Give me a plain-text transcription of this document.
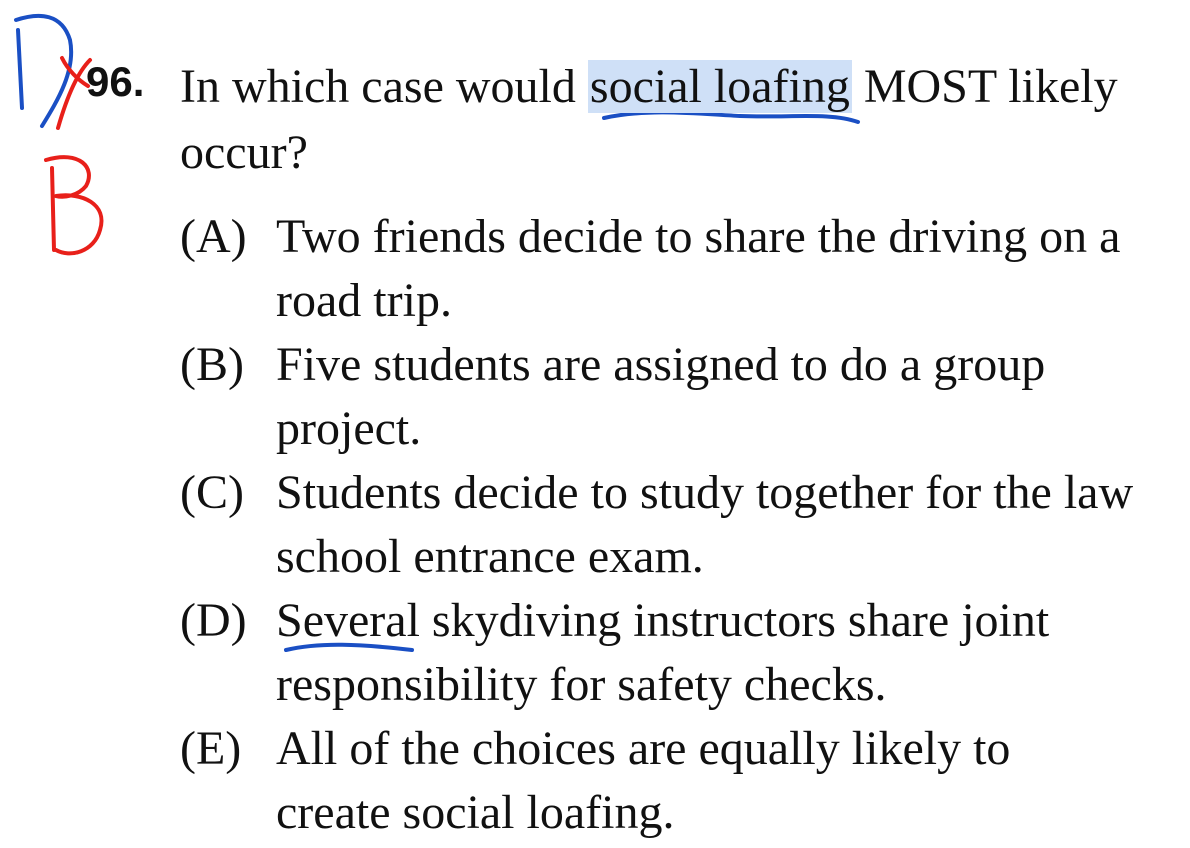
96. In which case would social loafing MOST likely
occur?
(A) Two friends decide to share the driving on a
road trip.
(B) Five students are assigned to do a group
project.
(C) Students decide to study together for the law
school entrance exam.
(D) Several skydiving instructors share joint
responsibility for safety checks.
(E) All of the choices are equally likely to
create social loafing.
